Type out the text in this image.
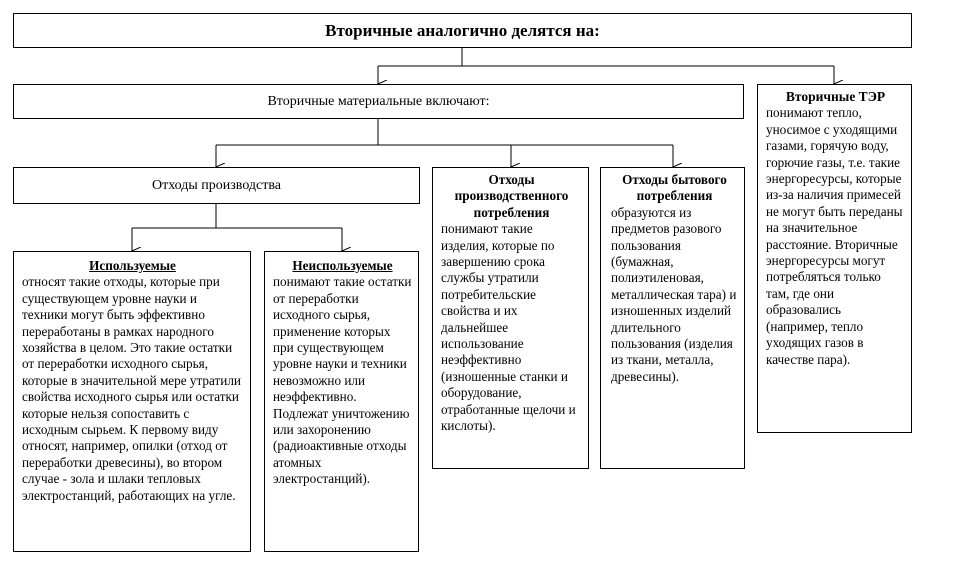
Вторичные аналогично делятся на:
Вторичные материальные включают:	Вторичные ТЭР
понимают тепло, уносимое с уходящими газами, горячую воду, горючие газы, т.е. такие энергоресурсы, которые из-за наличия примесей не могут быть переданы на значительное расстояние. Вторичные энергоресурсы могут потребляться только там, где они образовались (например, тепло уходящих газов в качестве пара).
Отходы производства	Отходы производственного потребления
понимают такие изделия, которые по завершению срока службы утратили потребительские свойства и их дальнейшее использование неэффективно (изношенные станки и оборудование, отработанные щелочи и кислоты).
Отходы бытового потребления
образуются из предметов разового пользования (бумажная, полиэтиленовая, металлическая тара) и изношенных изделий длительного пользования (изделия из ткани, металла, древесины).
Используемые
относят такие отходы, которые при существующем уровне науки и техники могут быть эффективно переработаны в рамках народного хозяйства в целом. Это такие остатки от переработки исходного сырья, которые в значительной мере утратили свойства исходного сырья или остатки которые нельзя сопоставить с исходным сырьем. К первому виду относят, например, опилки (отход от переработки древесины), во втором случае - зола и шлаки тепловых электростанций, работающих на угле.
Неиспользуемые
понимают такие остатки от переработки исходного сырья, применение которых при существующем уровне науки и техники невозможно или неэффективно. Подлежат уничтожению или захоронению (радиоактивные отходы атомных электростанций).
